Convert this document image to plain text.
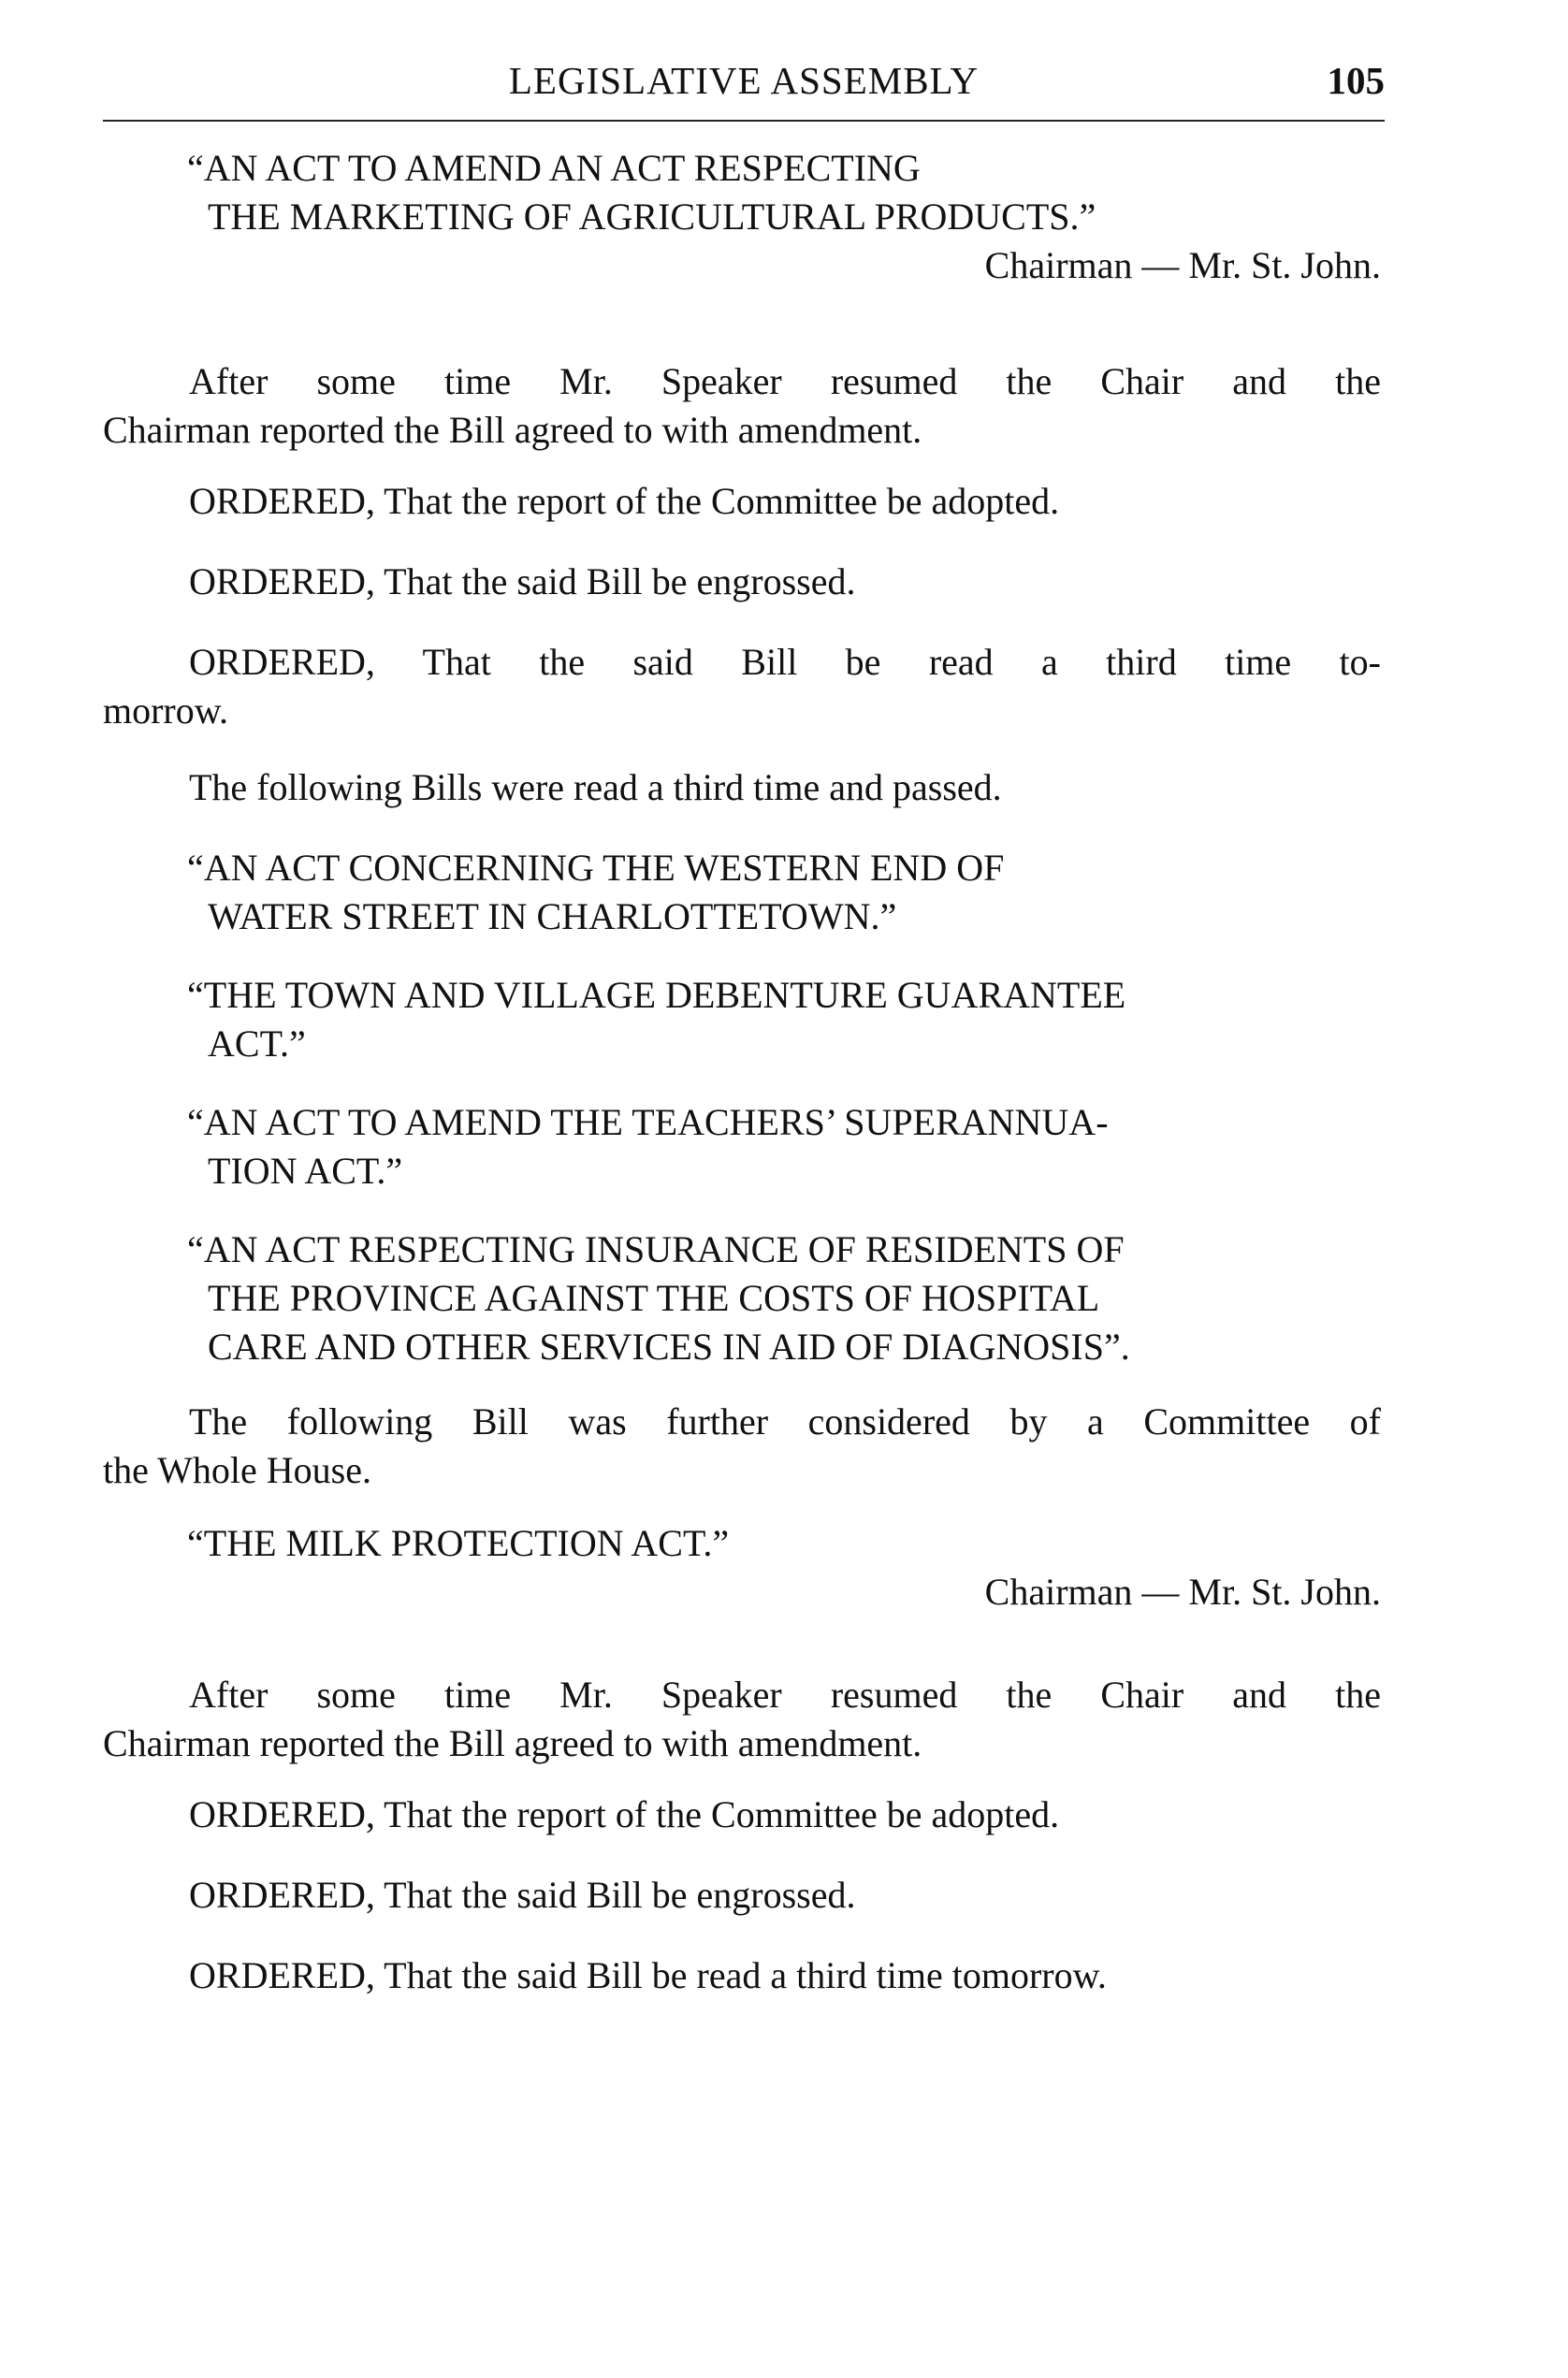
LEGISLATIVE ASSEMBLY	105
“AN ACT TO AMEND AN ACT RESPECTING
THE MARKETING OF AGRICULTURAL PRODUCTS.”
Chairman — Mr. St. John.
After some time Mr. Speaker resumed the Chair and the
Chairman reported the Bill agreed to with amendment.
ORDERED, That the report of the Committee be adopted.
ORDERED, That the said Bill be engrossed.
ORDERED, That the said Bill be read a third time to-
morrow.
The following Bills were read a third time and passed.
“AN ACT CONCERNING THE WESTERN END OF
WATER STREET IN CHARLOTTETOWN.”
“THE TOWN AND VILLAGE DEBENTURE GUARANTEE
ACT.”
“AN ACT TO AMEND THE TEACHERS’ SUPERANNUA-
TION ACT.”
“AN ACT RESPECTING INSURANCE OF RESIDENTS OF
THE PROVINCE AGAINST THE COSTS OF HOSPITAL
CARE AND OTHER SERVICES IN AID OF DIAGNOSIS”.
The following Bill was further considered by a Committee of
the Whole House.
“THE MILK PROTECTION ACT.”
Chairman — Mr. St. John.
After some time Mr. Speaker resumed the Chair and the
Chairman reported the Bill agreed to with amendment.
ORDERED, That the report of the Committee be adopted.
ORDERED, That the said Bill be engrossed.
ORDERED, That the said Bill be read a third time tomorrow.
